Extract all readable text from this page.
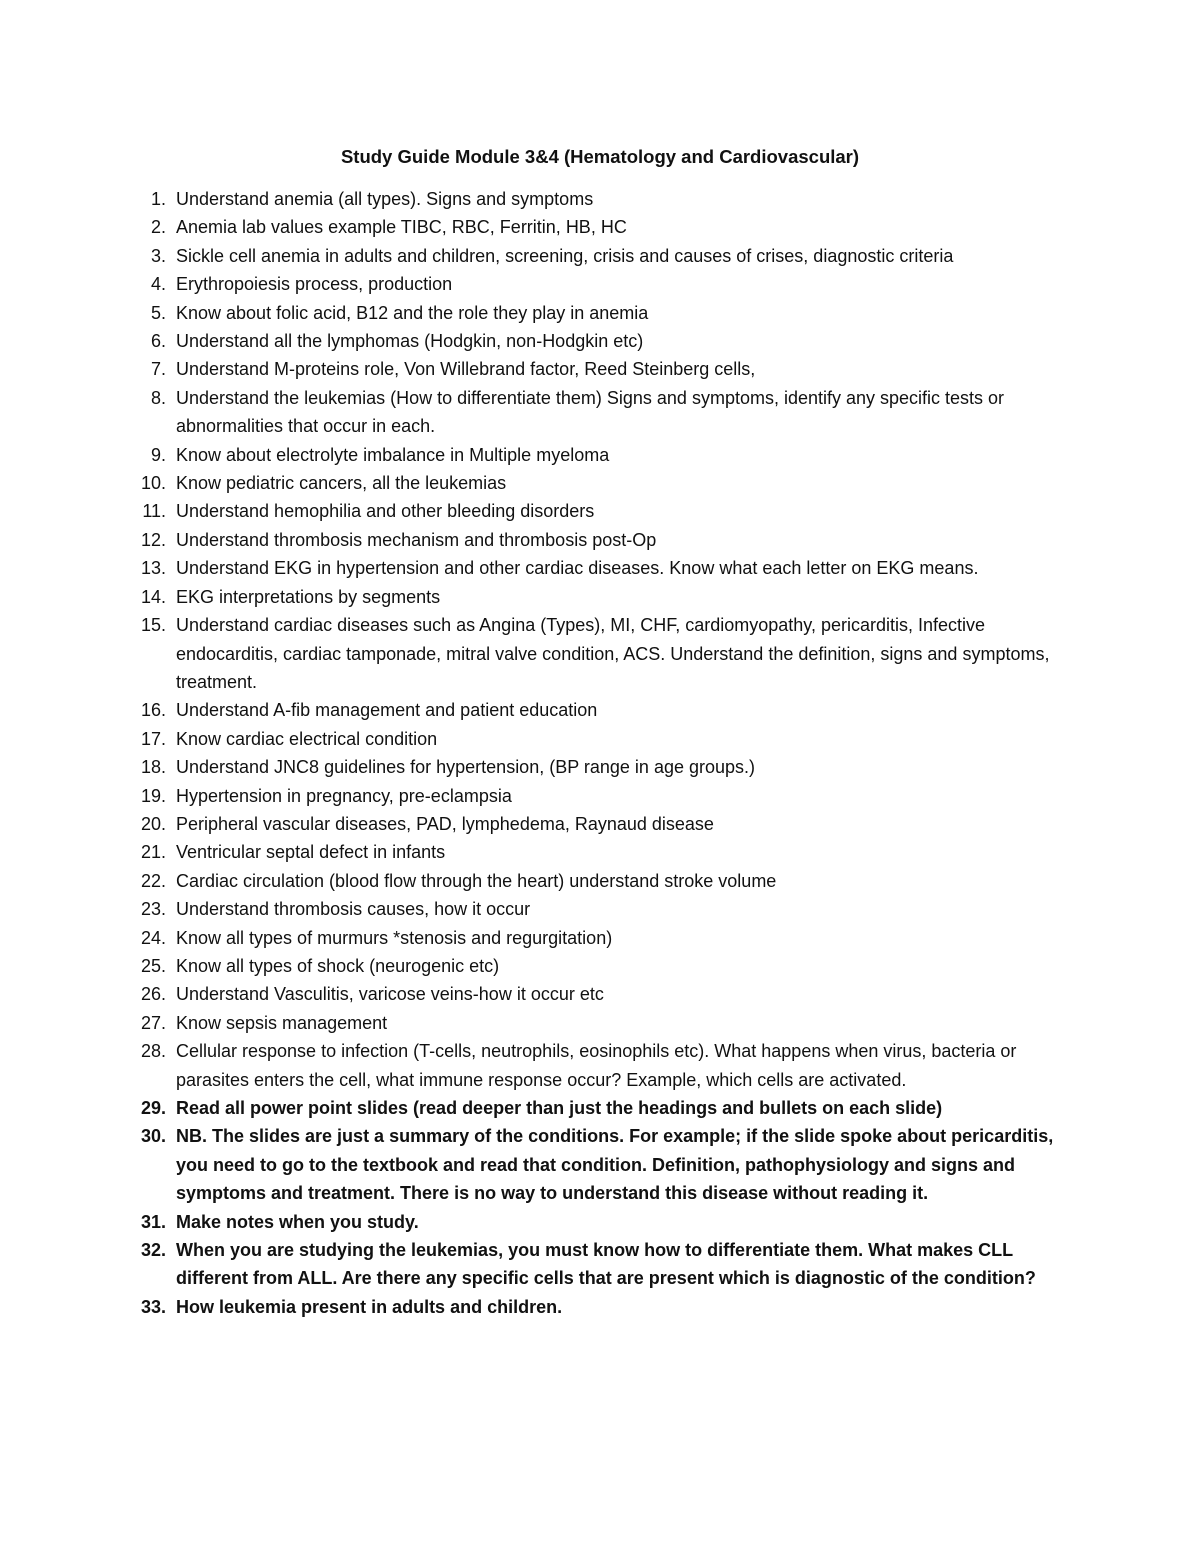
Study Guide Module 3&4 (Hematology and Cardiovascular)
1. Understand anemia (all types). Signs and symptoms
2. Anemia lab values example TIBC, RBC, Ferritin, HB, HC
3. Sickle cell anemia in adults and children, screening, crisis and causes of crises, diagnostic criteria
4. Erythropoiesis process, production
5. Know about folic acid, B12 and the role they play in anemia
6. Understand all the lymphomas (Hodgkin, non-Hodgkin etc)
7. Understand M-proteins role, Von Willebrand factor, Reed Steinberg cells,
8. Understand the leukemias (How to differentiate them) Signs and symptoms, identify any specific tests or abnormalities that occur in each.
9. Know about electrolyte imbalance in Multiple myeloma
10. Know pediatric cancers, all the leukemias
11. Understand hemophilia and other bleeding disorders
12. Understand thrombosis mechanism and thrombosis post-Op
13. Understand EKG in hypertension and other cardiac diseases. Know what each letter on EKG means.
14. EKG interpretations by segments
15. Understand cardiac diseases such as Angina (Types), MI, CHF, cardiomyopathy, pericarditis, Infective endocarditis, cardiac tamponade, mitral valve condition, ACS. Understand the definition, signs and symptoms, treatment.
16. Understand A-fib management and patient education
17. Know cardiac electrical condition
18. Understand JNC8 guidelines for hypertension, (BP range in age groups.)
19. Hypertension in pregnancy, pre-eclampsia
20. Peripheral vascular diseases, PAD, lymphedema, Raynaud disease
21. Ventricular septal defect in infants
22. Cardiac circulation (blood flow through the heart) understand stroke volume
23. Understand thrombosis causes, how it occur
24. Know all types of murmurs *stenosis and regurgitation)
25. Know all types of shock (neurogenic etc)
26. Understand Vasculitis, varicose veins-how it occur etc
27. Know sepsis management
28. Cellular response to infection (T-cells, neutrophils, eosinophils etc). What happens when virus, bacteria or parasites enters the cell, what immune response occur? Example, which cells are activated.
29. Read all power point slides (read deeper than just the headings and bullets on each slide)
30. NB. The slides are just a summary of the conditions. For example; if the slide spoke about pericarditis, you need to go to the textbook and read that condition. Definition, pathophysiology and signs and symptoms and treatment. There is no way to understand this disease without reading it.
31. Make notes when you study.
32. When you are studying the leukemias, you must know how to differentiate them. What makes CLL different from ALL. Are there any specific cells that are present which is diagnostic of the condition?
33. How leukemia present in adults and children.
